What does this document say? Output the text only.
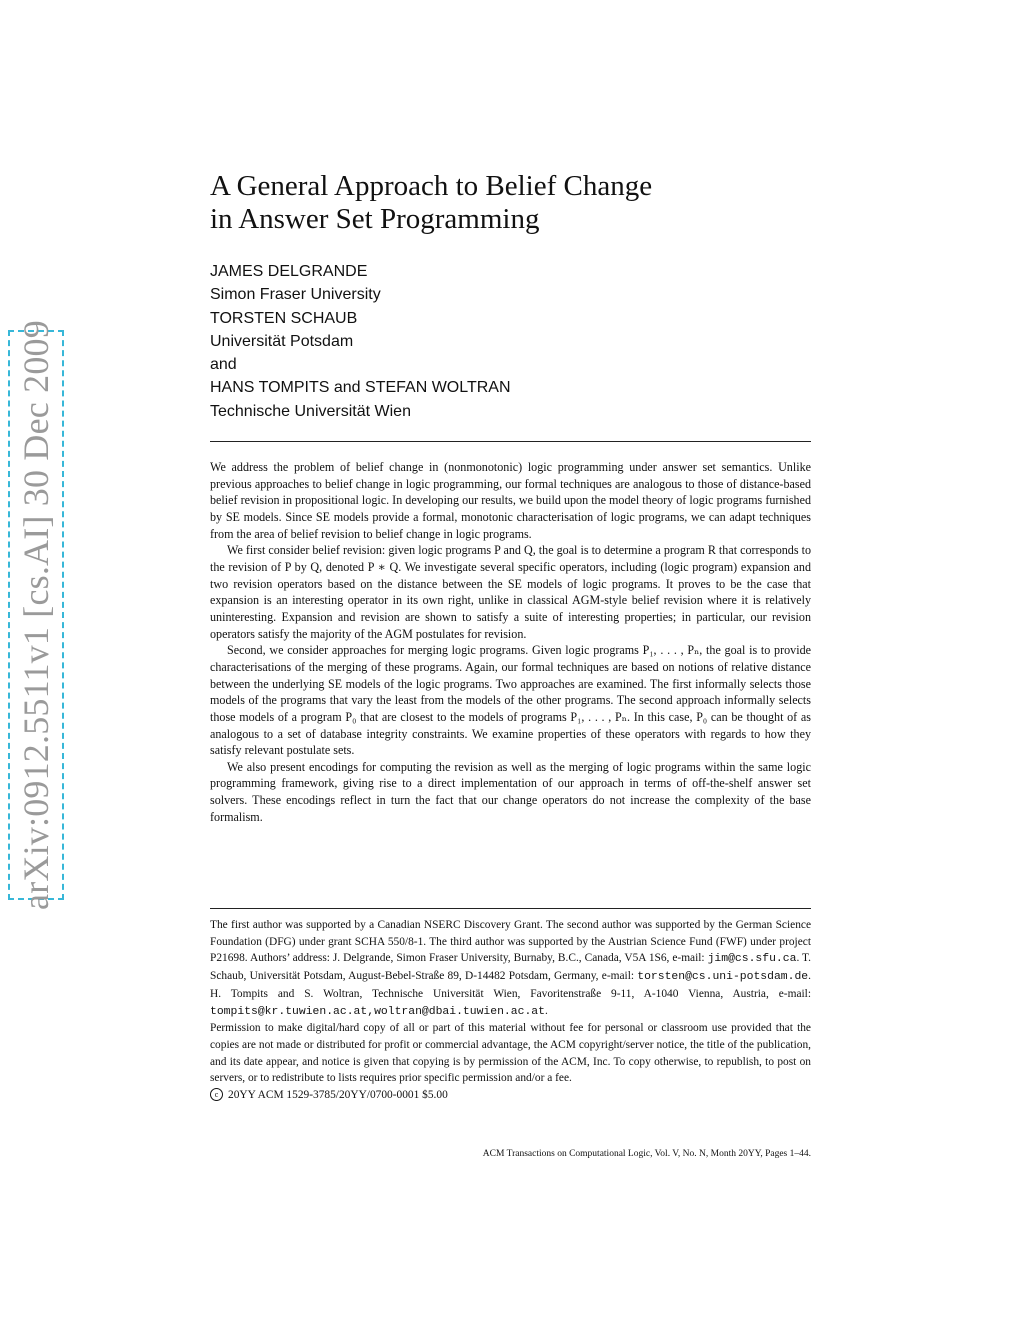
arXiv:0912.5511v1 [cs.AI] 30 Dec 2009
A General Approach to Belief Change
in Answer Set Programming
JAMES DELGRANDE
Simon Fraser University
TORSTEN SCHAUB
Universität Potsdam
and
HANS TOMPITS and STEFAN WOLTRAN
Technische Universität Wien

We address the problem of belief change in (nonmonotonic) logic programming under answer set semantics. Unlike previous approaches to belief change in logic programming, our formal techniques are analogous to those of distance-based belief revision in propositional logic. In developing our results, we build upon the model theory of logic programs furnished by SE models. Since SE models provide a formal, monotonic characterisation of logic programs, we can adapt techniques from the area of belief revision to belief change in logic programs.

We first consider belief revision: given logic programs P and Q, the goal is to determine a program R that corresponds to the revision of P by Q, denoted P ∗ Q. We investigate several specific operators, including (logic program) expansion and two revision operators based on the distance between the SE models of logic programs. It proves to be the case that expansion is an interesting operator in its own right, unlike in classical AGM-style belief revision where it is relatively uninteresting. Expansion and revision are shown to satisfy a suite of interesting properties; in particular, our revision operators satisfy the majority of the AGM postulates for revision.

Second, we consider approaches for merging logic programs. Given logic programs P₁, . . . , Pₙ, the goal is to provide characterisations of the merging of these programs. Again, our formal techniques are based on notions of relative distance between the underlying SE models of the logic programs. Two approaches are examined. The first informally selects those models of the programs that vary the least from the models of the other programs. The second approach informally selects those models of a program P₀ that are closest to the models of programs P₁, . . . , Pₙ. In this case, P₀ can be thought of as analogous to a set of database integrity constraints. We examine properties of these operators with regards to how they satisfy relevant postulate sets.

We also present encodings for computing the revision as well as the merging of logic programs within the same logic programming framework, giving rise to a direct implementation of our approach in terms of off-the-shelf answer set solvers. These encodings reflect in turn the fact that our change operators do not increase the complexity of the base formalism.

The first author was supported by a Canadian NSERC Discovery Grant. The second author was supported by the German Science Foundation (DFG) under grant SCHA 550/8-1. The third author was supported by the Austrian Science Fund (FWF) under project P21698. Authors’ address: J. Delgrande, Simon Fraser University, Burnaby, B.C., Canada, V5A 1S6, e-mail: jim@cs.sfu.ca. T. Schaub, Universität Potsdam, August-Bebel-Straße 89, D-14482 Potsdam, Germany, e-mail: torsten@cs.uni-potsdam.de. H. Tompits and S. Woltran, Technische Universität Wien, Favoritenstraße 9-11, A-1040 Vienna, Austria, e-mail: tompits@kr.tuwien.ac.at,woltran@dbai.tuwien.ac.at.

Permission to make digital/hard copy of all or part of this material without fee for personal or classroom use provided that the copies are not made or distributed for profit or commercial advantage, the ACM copyright/server notice, the title of the publication, and its date appear, and notice is given that copying is by permission of the ACM, Inc. To copy otherwise, to republish, to post on servers, or to redistribute to lists requires prior specific permission and/or a fee.

c 20YY ACM 1529-3785/20YY/0700-0001 $5.00

ACM Transactions on Computational Logic, Vol. V, No. N, Month 20YY, Pages 1–44.
